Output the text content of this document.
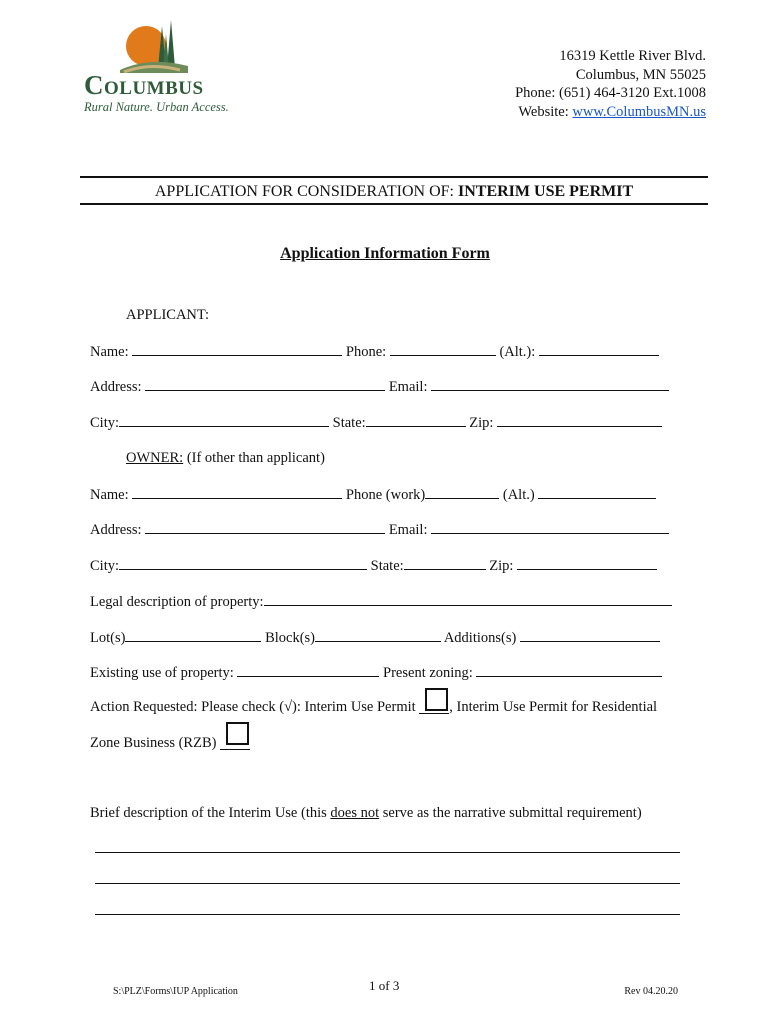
Columbus
Rural Nature. Urban Access.
16319 Kettle River Blvd.
Columbus, MN 55025
Phone: (651) 464-3120 Ext.1008
Website: www.ColumbusMN.us
APPLICATION FOR CONSIDERATION OF: INTERIM USE PERMIT
Application Information Form
APPLICANT:
Name:	Phone:	(Alt.):
Address:	Email:
City:	State:	Zip:
OWNER: (If other than applicant)
Name:	Phone (work)	(Alt.)
Address:	Email:
City:	State:	Zip:
Legal description of property:
Lot(s)	Block(s)	Additions(s)
Existing use of property:	Present zoning:
Action Requested: Please check (√): Interim Use Permit , Interim Use Permit for Residential
Zone Business (RZB)
Brief description of the Interim Use (this does not serve as the narrative submittal requirement)
S:\PLZ\Forms\IUP Application	1 of 3	Rev 04.20.20
